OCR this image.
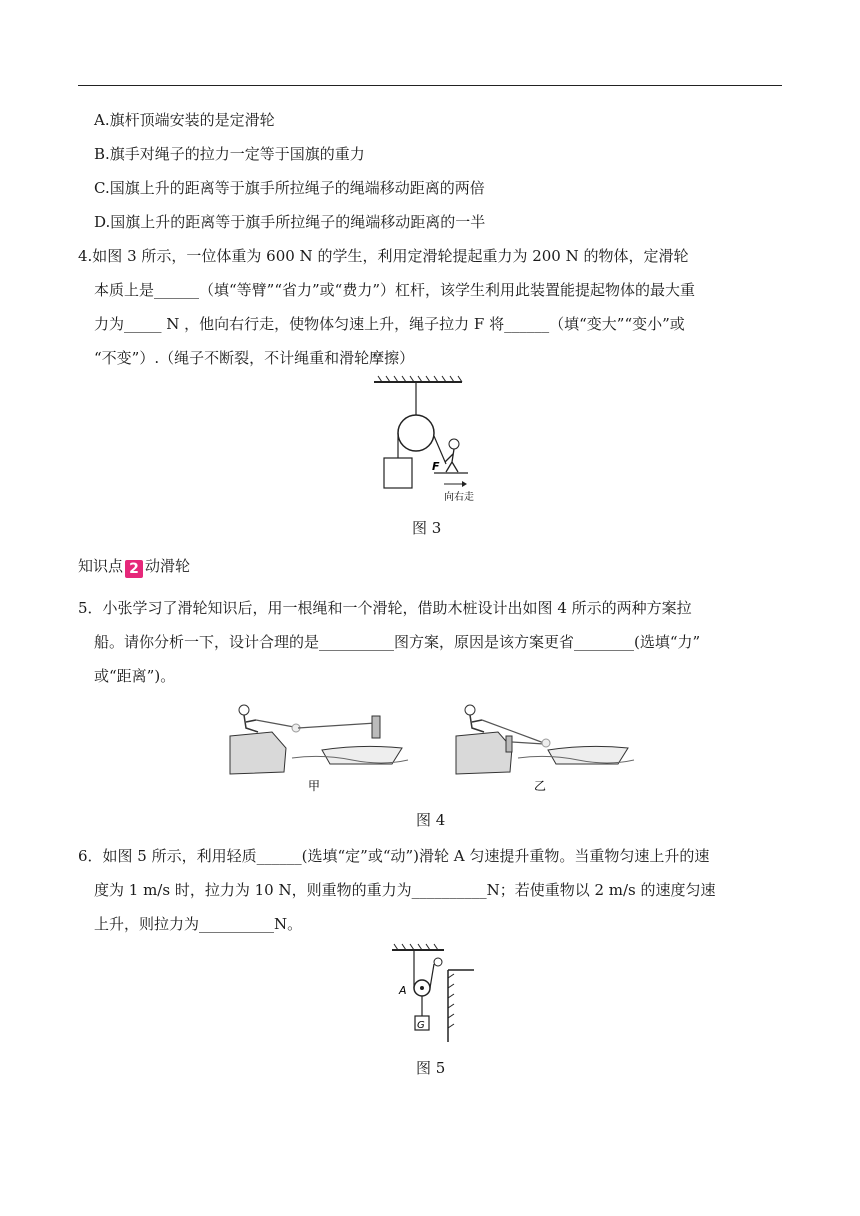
A.旗杆顶端安装的是定滑轮
B.旗手对绳子的拉力一定等于国旗的重力
C.国旗上升的距离等于旗手所拉绳子的绳端移动距离的两倍
D.国旗上升的距离等于旗手所拉绳子的绳端移动距离的一半
4.如图 3 所示，一位体重为 600 N 的学生，利用定滑轮提起重力为 200 N 的物体，定滑轮
本质上是______（填“等臂”“省力”或“费力”）杠杆，该学生利用此装置能提起物体的最大重
力为_____ N ，他向右行走，使物体匀速上升，绳子拉力 F 将______（填“变大”“变小”或
“不变”）.（绳子不断裂，不计绳重和滑轮摩擦）
F
向右走
图 3
知识点 2 动滑轮
5．小张学习了滑轮知识后，用一根绳和一个滑轮，借助木桩设计出如图 4 所示的两种方案拉
船。请你分析一下，设计合理的是__________图方案，原因是该方案更省________(选填“力”
或“距离”)。
甲	乙
图 4
6．如图 5 所示，利用轻质______(选填“定”或“动”)滑轮 A 匀速提升重物。当重物匀速上升的速
度为 1 m/s 时，拉力为 10 N，则重物的重力为__________N；若使重物以 2 m/s 的速度匀速
上升，则拉力为__________N。
A
G
图 5
